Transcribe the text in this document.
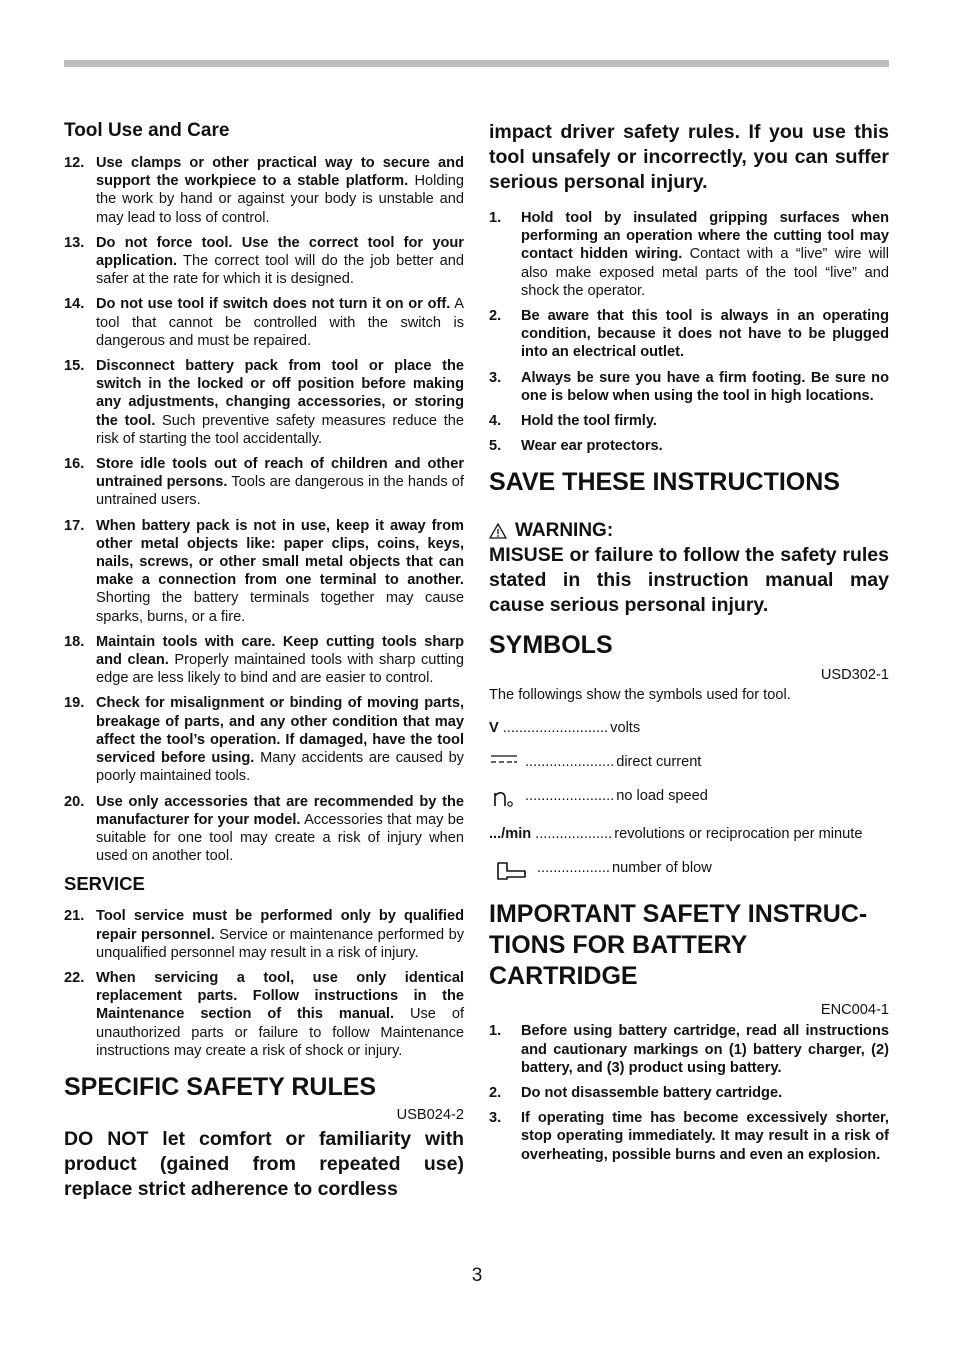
Tool Use and Care
12. Use clamps or other practical way to secure and support the workpiece to a stable platform. Holding the work by hand or against your body is unstable and may lead to loss of control.
13. Do not force tool. Use the correct tool for your application. The correct tool will do the job better and safer at the rate for which it is designed.
14. Do not use tool if switch does not turn it on or off. A tool that cannot be controlled with the switch is dangerous and must be repaired.
15. Disconnect battery pack from tool or place the switch in the locked or off position before making any adjustments, changing accessories, or storing the tool. Such preventive safety measures reduce the risk of starting the tool accidentally.
16. Store idle tools out of reach of children and other untrained persons. Tools are dangerous in the hands of untrained users.
17. When battery pack is not in use, keep it away from other metal objects like: paper clips, coins, keys, nails, screws, or other small metal objects that can make a connection from one terminal to another. Shorting the battery terminals together may cause sparks, burns, or a fire.
18. Maintain tools with care. Keep cutting tools sharp and clean. Properly maintained tools with sharp cutting edge are less likely to bind and are easier to control.
19. Check for misalignment or binding of moving parts, breakage of parts, and any other condition that may affect the tool’s operation. If damaged, have the tool serviced before using. Many accidents are caused by poorly maintained tools.
20. Use only accessories that are recommended by the manufacturer for your model. Accessories that may be suitable for one tool may create a risk of injury when used on another tool.
SERVICE
21. Tool service must be performed only by qualified repair personnel. Service or maintenance performed by unqualified personnel may result in a risk of injury.
22. When servicing a tool, use only identical replacement parts. Follow instructions in the Maintenance section of this manual. Use of unauthorized parts or failure to follow Maintenance instructions may create a risk of shock or injury.
SPECIFIC SAFETY RULES
USB024-2
DO NOT let comfort or familiarity with product (gained from repeated use) replace strict adherence to cordless
impact driver safety rules. If you use this tool unsafely or incorrectly, you can suffer serious personal injury.
1. Hold tool by insulated gripping surfaces when performing an operation where the cutting tool may contact hidden wiring. Contact with a “live” wire will also make exposed metal parts of the tool “live” and shock the operator.
2. Be aware that this tool is always in an operating condition, because it does not have to be plugged into an electrical outlet.
3. Always be sure you have a firm footing. Be sure no one is below when using the tool in high locations.
4. Hold the tool firmly.
5. Wear ear protectors.
SAVE THESE INSTRUCTIONS
WARNING:
MISUSE or failure to follow the safety rules stated in this instruction manual may cause serious personal injury.
SYMBOLS
USD302-1
The followings show the symbols used for tool.
V .......................... volts
...................... direct current
...................... no load speed
.../min ................... revolutions or reciprocation per minute
.................. number of blow
IMPORTANT SAFETY INSTRUC-
TIONS FOR BATTERY
CARTRIDGE
ENC004-1
1. Before using battery cartridge, read all instructions and cautionary markings on (1) battery charger, (2) battery, and (3) product using battery.
2. Do not disassemble battery cartridge.
3. If operating time has become excessively shorter, stop operating immediately. It may result in a risk of overheating, possible burns and even an explosion.
3
